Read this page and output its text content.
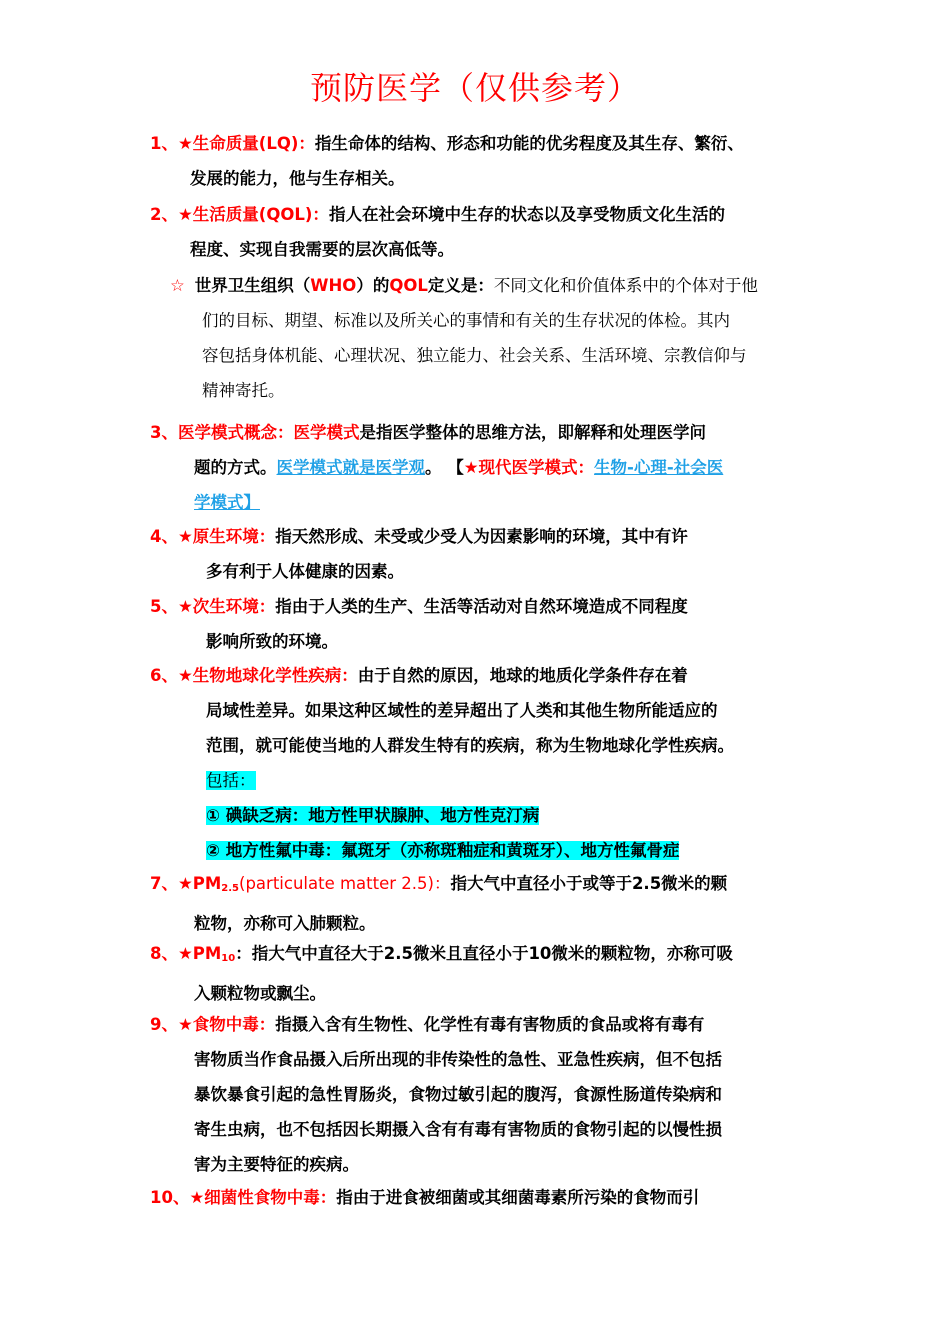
预防医学（仅供参考）

1、★生命质量(LQ)：指生命体的结构、形态和功能的优劣程度及其生存、繁衍、
发展的能力，他与生存相关。

2、★生活质量(QOL)：指人在社会环境中生存的状态以及享受物质文化生活的
程度、实现自我需要的层次高低等。

☆ 世界卫生组织（WHO）的QOL定义是：不同文化和价值体系中的个体对于他
们的目标、期望、标准以及所关心的事情和有关的生存状况的体检。其内
容包括身体机能、心理状况、独立能力、社会关系、生活环境、宗教信仰与
精神寄托。

3、医学模式概念：医学模式是指医学整体的思维方法，即解释和处理医学问
题的方式。医学模式就是医学观。 【★现代医学模式：生物-心理-社会医
学模式】

4、★原生环境：指天然形成、未受或少受人为因素影响的环境，其中有许
多有利于人体健康的因素。

5、★次生环境：指由于人类的生产、生活等活动对自然环境造成不同程度
影响所致的环境。

6、★生物地球化学性疾病：由于自然的原因，地球的地质化学条件存在着
局域性差异。如果这种区域性的差异超出了人类和其他生物所能适应的
范围，就可能使当地的人群发生特有的疾病，称为生物地球化学性疾病。
包括：
① 碘缺乏病：地方性甲状腺肿、地方性克汀病
② 地方性氟中毒：氟斑牙（亦称斑釉症和黄斑牙）、地方性氟骨症

7、★PM2.5(particulate matter 2.5)：指大气中直径小于或等于2.5微米的颗
粒物，亦称可入肺颗粒。

8、★PM10：指大气中直径大于2.5微米且直径小于10微米的颗粒物，亦称可吸
入颗粒物或飘尘。

9、★食物中毒：指摄入含有生物性、化学性有毒有害物质的食品或将有毒有
害物质当作食品摄入后所出现的非传染性的急性、亚急性疾病，但不包括
暴饮暴食引起的急性胃肠炎，食物过敏引起的腹泻，食源性肠道传染病和
寄生虫病，也不包括因长期摄入含有有毒有害物质的食物引起的以慢性损
害为主要特征的疾病。

10、★细菌性食物中毒：指由于进食被细菌或其细菌毒素所污染的食物而引
